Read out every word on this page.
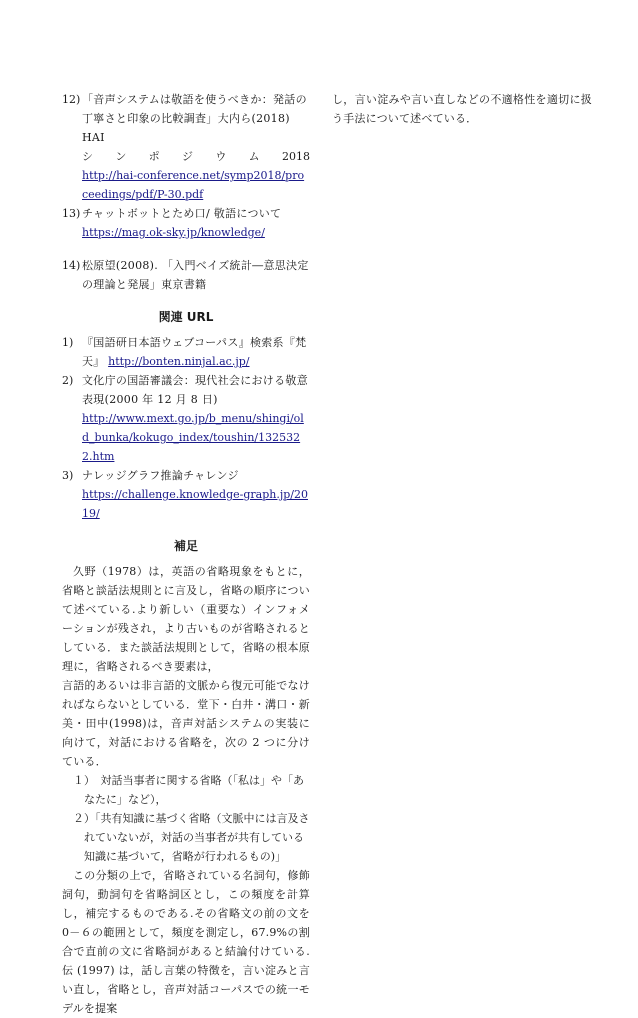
12) 「音声システムは敬語を使うべきか：発話の丁寧さと印象の比較調査」大内ら(2018) HAI
シ ン ポ ジ ウ ム 2018
http://hai-conference.net/symp2018/proceedings/pdf/P-30.pdf
13) チャットボットとため口/ 敬語について
https://mag.ok-sky.jp/knowledge/
14) 松原望(2008). 「入門ベイズ統計―意思決定の理論と発展」東京書籍
関連 URL
1) 『国語研日本語ウェブコーパス』検索系『梵天』 http://bonten.ninjal.ac.jp/
2) 文化庁の国語審議会：現代社会における敬意表現(2000 年 12 月 8 日)
http://www.mext.go.jp/b_menu/shingi/old_bunka/kokugo_index/toushin/1325322.htm
3) ナレッジグラフ推論チャレンジ
https://challenge.knowledge-graph.jp/2019/
補足

久野（1978）は，英語の省略現象をもとに，省略と談話法規則とに言及し，省略の順序について述べている.より新しい（重要な）インフォメーションが残され，より古いものが省略されるとしている．また談話法規則として，省略の根本原理に，省略されるべき要素は，

言語的あるいは非言語的文脈から復元可能でなければならないとしている．堂下・白井・溝口・新美・田中(1998)は，音声対話システムの実装に向けて，対話における省略を，次の 2 つに分けている．

１）　対話当事者に関する省略（「私は」や「あなたに」など），

２）「共有知識に基づく省略（文脈中には言及されていないが，対話の当事者が共有している知識に基づいて，省略が行われるもの)」

この分類の上で，省略されている名詞句，修飾詞句，動詞句を省略詞区とし，この頻度を計算し，補完するものである.その省略文の前の文を 0－６の範囲として，頻度を測定し，67.9%の割合で直前の文に省略詞があると結論付けている.伝 (1997) は，話し言葉の特徴を，言い淀みと言い直し，省略とし，音声対話コーパスでの統一モデルを提案

し，言い淀みや言い直しなどの不適格性を適切に扱う手法について述べている．
